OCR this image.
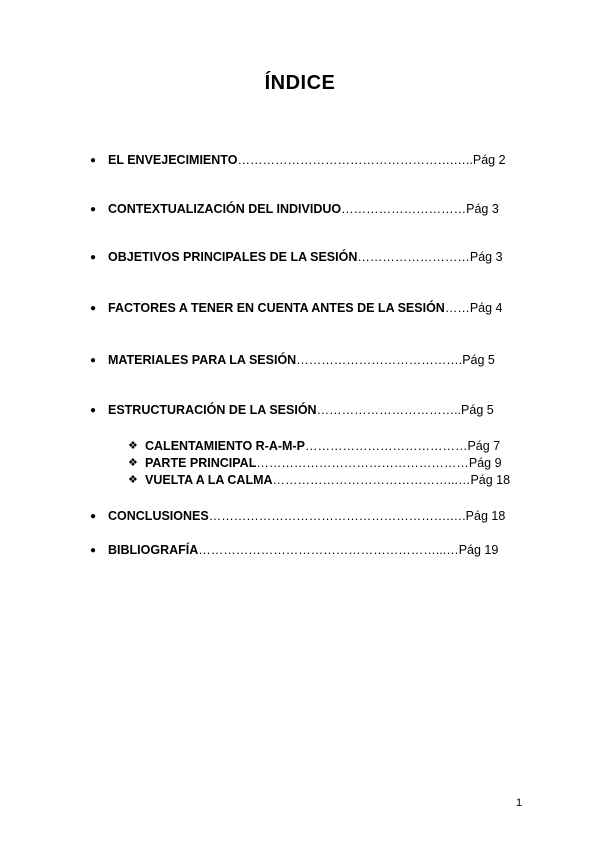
ÍNDICE
● EL ENVEJECIMIENTO …………………………………………….….. Pág 2
● CONTEXTUALIZACIÓN DEL INDIVIDUO ………………………… Pág 3
● OBJETIVOS PRINCIPALES DE LA SESIÓN ……………………… Pág 3
● FACTORES A TENER EN CUENTA ANTES DE LA SESIÓN …… Pág 4
● MATERIALES PARA LA SESIÓN …………………………………. Pág 5
● ESTRUCTURACIÓN DE LA SESIÓN …………………………….. Pág 5
❖ CALENTAMIENTO R-A-M-P ………………………………… Pág 7
❖ PARTE PRINCIPAL …………………………………………… Pág 9
❖ VUELTA A LA CALMA ……………………………………...… Pág 18
● CONCLUSIONES ………………………………………………….…. Pág 18
● BIBLIOGRAFÍA …………………………………………………...… Pág 19
1
